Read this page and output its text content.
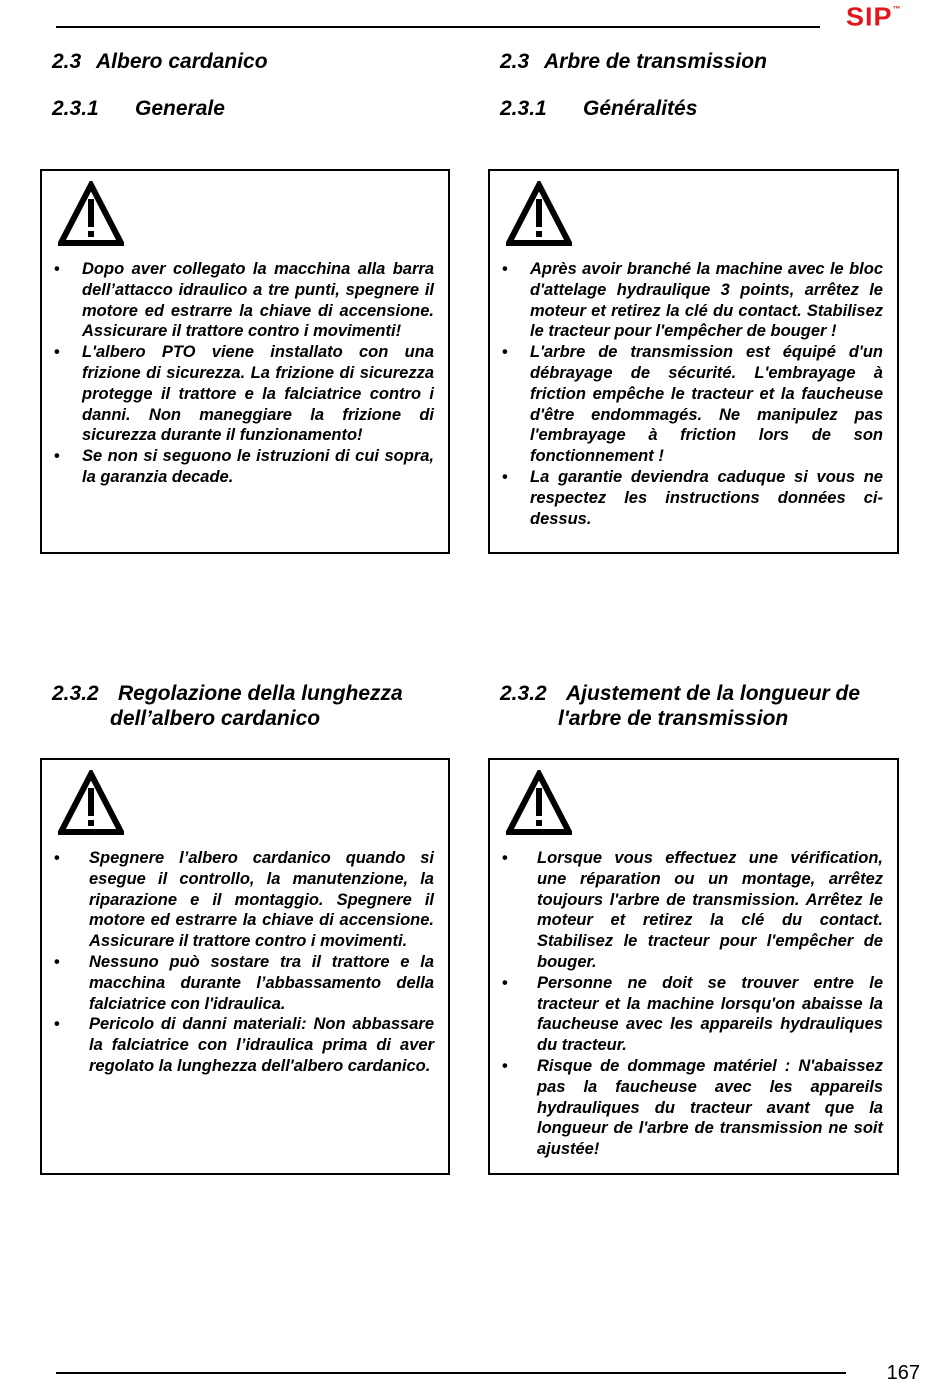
SIP™
2.3 Albero cardanico	2.3 Arbre de transmission
2.3.1 Generale	2.3.1 Généralités
• Dopo aver collegato la macchina alla barra dell’attacco idraulico a tre punti, spegnere il motore ed estrarre la chiave di accensione. Assicurare il trattore contro i movimenti!
• L'albero PTO viene installato con una frizione di sicurezza. La frizione di sicurezza protegge il trattore e la falciatrice contro i danni. Non maneggiare la frizione di sicurezza durante il funzionamento!
• Se non si seguono le istruzioni di cui sopra, la garanzia decade.
• Après avoir branché la machine avec le bloc d'attelage hydraulique 3 points, arrêtez le moteur et retirez la clé du contact. Stabilisez le tracteur pour l'empêcher de bouger !
• L'arbre de transmission est équipé d'un débrayage de sécurité. L'embrayage à friction empêche le tracteur et la faucheuse d'être endommagés. Ne manipulez pas l'embrayage à friction lors de son fonctionnement !
• La garantie deviendra caduque si vous ne respectez les instructions données ci-dessus.
2.3.2 Regolazione della lunghezza
dell’albero cardanico
2.3.2 Ajustement de la longueur de
l'arbre de transmission
• Spegnere l’albero cardanico quando si esegue il controllo, la manutenzione, la riparazione e il montaggio. Spegnere il motore ed estrarre la chiave di accensione. Assicurare il trattore contro i movimenti.
• Nessuno può sostare tra il trattore e la macchina durante l’abbassamento della falciatrice con l'idraulica.
• Pericolo di danni materiali: Non abbassare la falciatrice con l’idraulica prima di aver regolato la lunghezza dell'albero cardanico.
• Lorsque vous effectuez une vérification, une réparation ou un montage, arrêtez toujours l'arbre de transmission. Arrêtez le moteur et retirez la clé du contact. Stabilisez le tracteur pour l'empêcher de bouger.
• Personne ne doit se trouver entre le tracteur et la machine lorsqu'on abaisse la faucheuse avec les appareils hydrauliques du tracteur.
• Risque de dommage matériel : N'abaissez pas la faucheuse avec les appareils hydrauliques du tracteur avant que la longueur de l'arbre de transmission ne soit ajustée!
167
